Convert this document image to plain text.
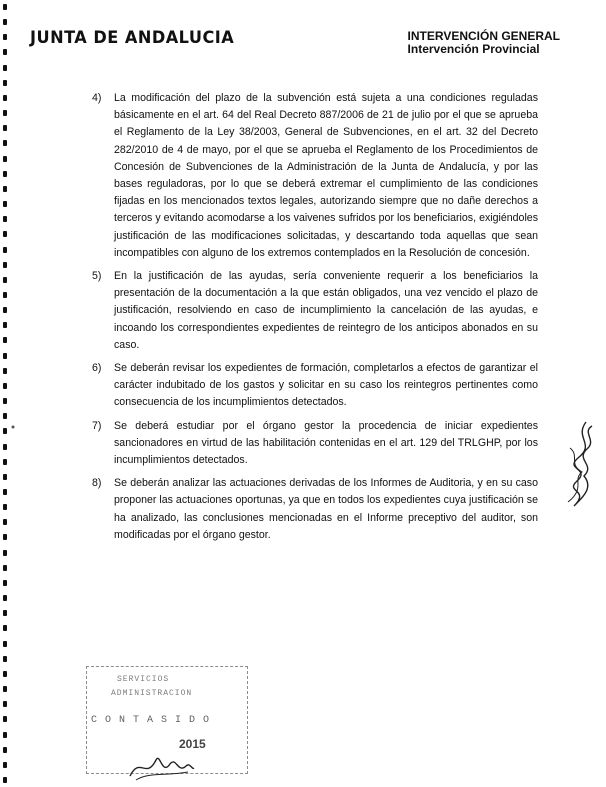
JUNTA DE ANDALUCIA	INTERVENCIÓN GENERAL
Intervención Provincial
4)	La modificación del plazo de la subvención está sujeta a una condiciones reguladas básicamente en el art. 64 del Real Decreto 887/2006 de 21 de julio por el que se aprueba el Reglamento de la Ley 38/2003, General de Subvenciones, en el art. 32 del Decreto 282/2010 de 4 de mayo, por el que se aprueba el Reglamento de los Procedimientos de Concesión de Subvenciones de la Administración de la Junta de Andalucía, y por las bases reguladoras, por lo que se deberá extremar el cumplimiento de las condiciones fijadas en los mencionados textos legales, autorizando siempre que no dañe derechos a terceros y evitando acomodarse a los vaivenes sufridos por los beneficiarios, exigiéndoles justificación de las modificaciones solicitadas, y descartando toda aquellas que sean incompatibles con alguno de los extremos contemplados en la Resolución de concesión.
5)	En la justificación de las ayudas, sería conveniente requerir a los beneficiarios la presentación de la documentación a la que están obligados, una vez vencido el plazo de justificación, resolviendo en caso de incumplimiento la cancelación de las ayudas, e incoando los correspondientes expedientes de reintegro de los anticipos abonados en su caso.
6)	Se deberán revisar los expedientes de formación, completarlos a efectos de garantizar el carácter indubitado de los gastos y solicitar en su caso los reintegros pertinentes como consecuencia de los incumplimientos detectados.
7)	Se deberá estudiar por el órgano gestor la procedencia de iniciar expedientes sancionadores en virtud de las habilitación contenidas en el art. 129 del TRLGHP, por los incumplimientos detectados.
8)	Se deberán analizar las actuaciones derivadas de los Informes de Auditoria, y en su caso proponer las actuaciones oportunas, ya que en todos los expedientes cuya justificación se ha analizado, las conclusiones mencionadas en el Informe preceptivo del auditor, son modificadas por el órgano gestor.
SERVICIOS
ADMINISTRACION
C O N T A S I D O
2015
